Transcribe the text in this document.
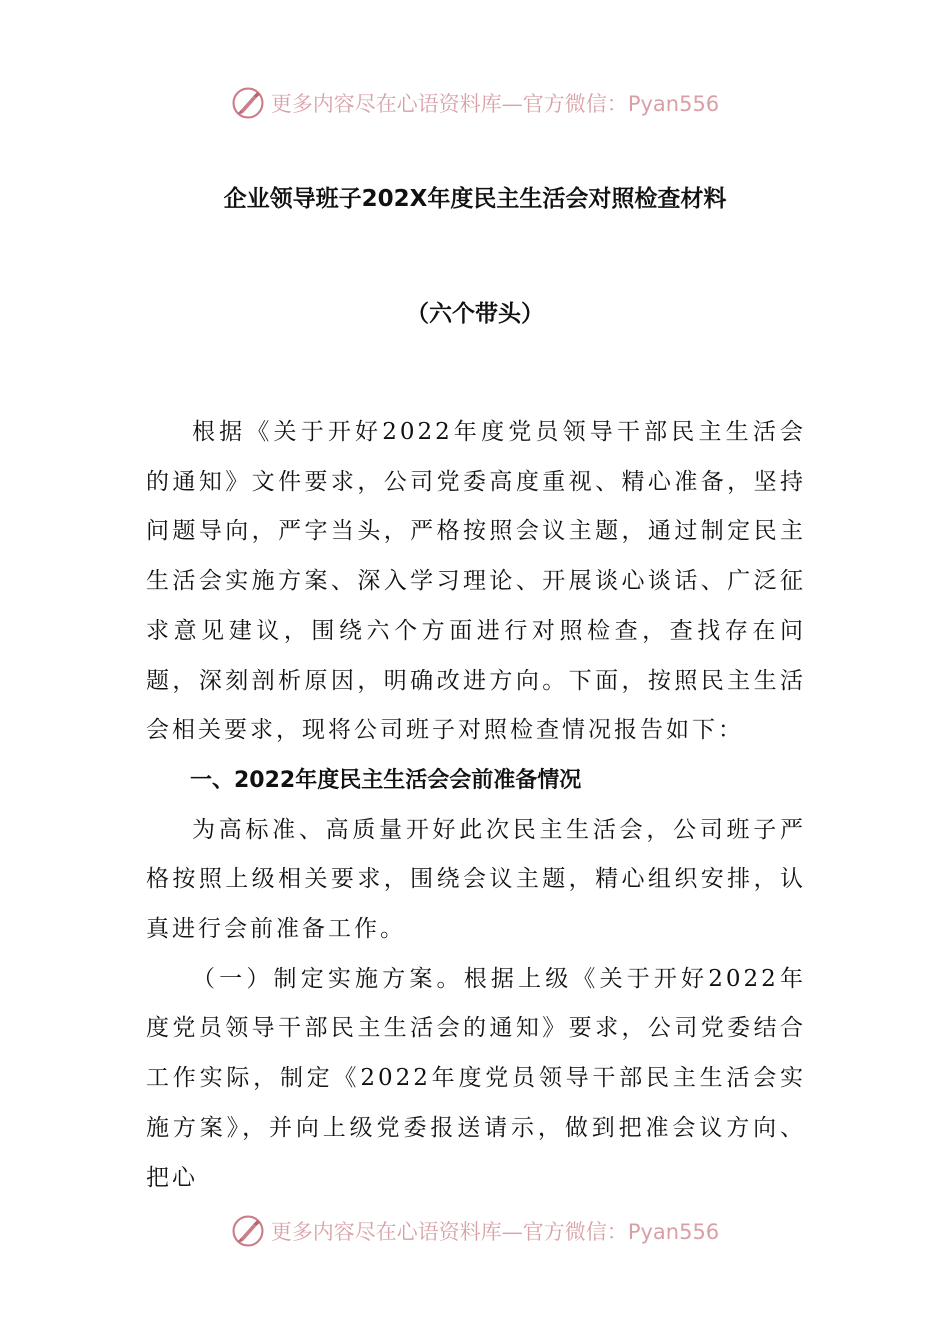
更多内容尽在心语资料库—官方微信：Pyan556
企业领导班子202X年度民主生活会对照检查材料
（六个带头）

根据《关于开好2022年度党员领导干部民主生活会的通知》文件要求，公司党委高度重视、精心准备，坚持问题导向，严字当头，严格按照会议主题，通过制定民主生活会实施方案、深入学习理论、开展谈心谈话、广泛征求意见建议，围绕六个方面进行对照检查，查找存在问题，深刻剖析原因，明确改进方向。下面，按照民主生活会相关要求，现将公司班子对照检查情况报告如下：

一、2022年度民主生活会会前准备情况

为高标准、高质量开好此次民主生活会，公司班子严格按照上级相关要求，围绕会议主题，精心组织安排，认真进行会前准备工作。

（一）制定实施方案。根据上级《关于开好2022年度党员领导干部民主生活会的通知》要求，公司党委结合工作实际，制定《2022年度党员领导干部民主生活会实施方案》，并向上级党委报送请示，做到把准会议方向、把心

更多内容尽在心语资料库—官方微信：Pyan556
